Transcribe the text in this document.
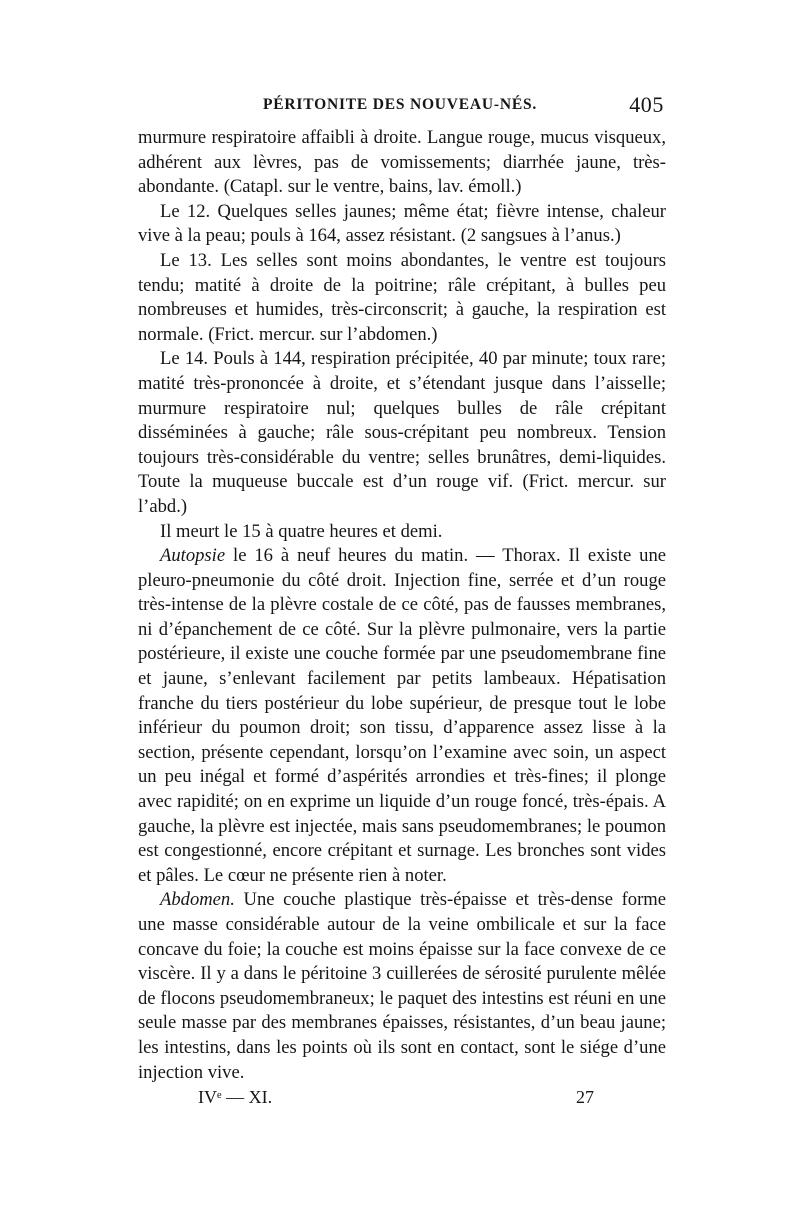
PÉRITONITE DES NOUVEAU-NÉS.	405

murmure respiratoire affaibli à droite. Langue rouge, mucus visqueux, adhérent aux lèvres, pas de vomissements; diarrhée jaune, très-abondante. (Catapl. sur le ventre, bains, lav. émoll.)

Le 12. Quelques selles jaunes; même état; fièvre intense, chaleur vive à la peau; pouls à 164, assez résistant. (2 sangsues à l’anus.)

Le 13. Les selles sont moins abondantes, le ventre est toujours tendu; matité à droite de la poitrine; râle crépitant, à bulles peu nombreuses et humides, très-circonscrit; à gauche, la respiration est normale. (Frict. mercur. sur l’abdomen.)

Le 14. Pouls à 144, respiration précipitée, 40 par minute; toux rare; matité très-prononcée à droite, et s’étendant jusque dans l’aisselle; murmure respiratoire nul; quelques bulles de râle crépitant disséminées à gauche; râle sous-crépitant peu nombreux. Tension toujours très-considérable du ventre; selles brunâtres, demi-liquides. Toute la muqueuse buccale est d’un rouge vif. (Frict. mercur. sur l’abd.)

Il meurt le 15 à quatre heures et demi.

Autopsie le 16 à neuf heures du matin. — Thorax. Il existe une pleuro-pneumonie du côté droit. Injection fine, serrée et d’un rouge très-intense de la plèvre costale de ce côté, pas de fausses membranes, ni d’épanchement de ce côté. Sur la plèvre pulmonaire, vers la partie postérieure, il existe une couche formée par une pseudomembrane fine et jaune, s’enlevant facilement par petits lambeaux. Hépatisation franche du tiers postérieur du lobe supérieur, de presque tout le lobe inférieur du poumon droit; son tissu, d’apparence assez lisse à la section, présente cependant, lorsqu’on l’examine avec soin, un aspect un peu inégal et formé d’aspérités arrondies et très-fines; il plonge avec rapidité; on en exprime un liquide d’un rouge foncé, très-épais. A gauche, la plèvre est injectée, mais sans pseudomembranes; le poumon est congestionné, encore crépitant et surnage. Les bronches sont vides et pâles. Le cœur ne présente rien à noter.

Abdomen. Une couche plastique très-épaisse et très-dense forme une masse considérable autour de la veine ombilicale et sur la face concave du foie; la couche est moins épaisse sur la face convexe de ce viscère. Il y a dans le péritoine 3 cuillerées de sérosité purulente mêlée de flocons pseudomembraneux; le paquet des intestins est réuni en une seule masse par des membranes épaisses, résistantes, d’un beau jaune; les intestins, dans les points où ils sont en contact, sont le siége d’une injection vive.

IVᵉ — XI.	27
